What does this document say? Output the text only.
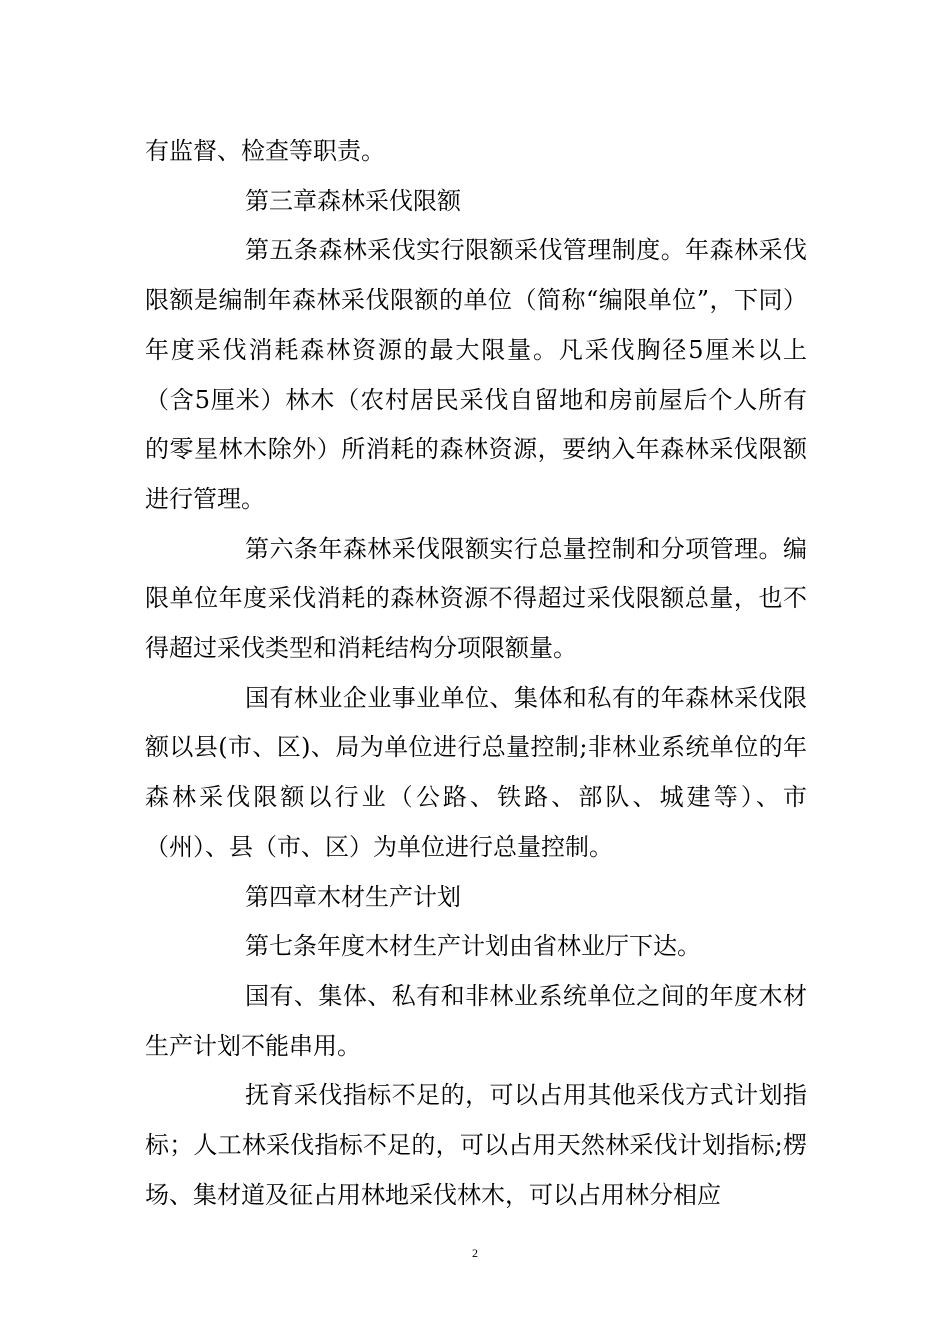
有监督、检查等职责。

第三章森林采伐限额

第五条森林采伐实行限额采伐管理制度。年森林采伐限额是编制年森林采伐限额的单位（简称“编限单位”，下同）年度采伐消耗森林资源的最大限量。凡采伐胸径5厘米以上（含5厘米）林木（农村居民采伐自留地和房前屋后个人所有的零星林木除外）所消耗的森林资源，要纳入年森林采伐限额进行管理。

第六条年森林采伐限额实行总量控制和分项管理。编限单位年度采伐消耗的森林资源不得超过采伐限额总量，也不得超过采伐类型和消耗结构分项限额量。

国有林业企业事业单位、集体和私有的年森林采伐限额以县(市、区)、局为单位进行总量控制;非林业系统单位的年森林采伐限额以行业（公路、铁路、部队、城建等）、市（州）、县（市、区）为单位进行总量控制。

第四章木材生产计划

第七条年度木材生产计划由省林业厅下达。

国有、集体、私有和非林业系统单位之间的年度木材生产计划不能串用。

抚育采伐指标不足的，可以占用其他采伐方式计划指标；人工林采伐指标不足的，可以占用天然林采伐计划指标;楞场、集材道及征占用林地采伐林木，可以占用林分相应

2
